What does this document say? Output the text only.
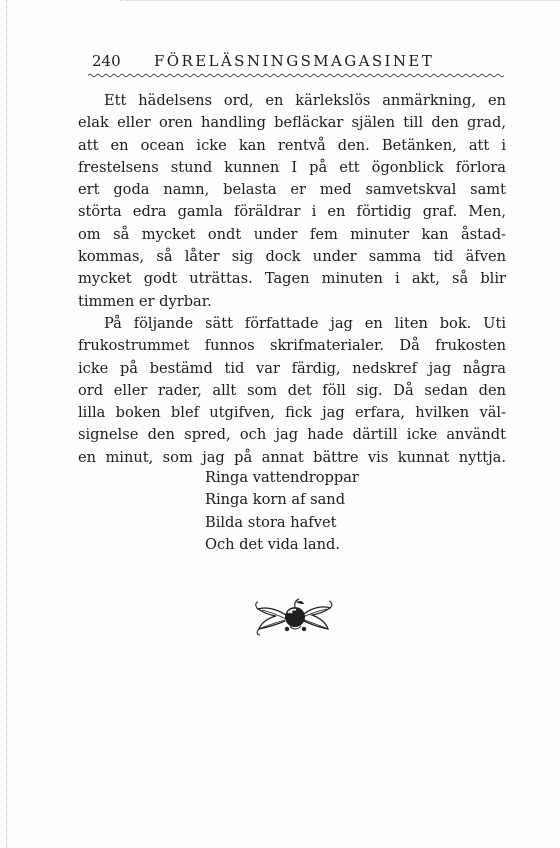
240	FÖRELÄSNINGSMAGASINET
Ett hädelsens ord, en kärlekslös anmärkning, en
elak eller oren handling befläckar själen till den grad,
att en ocean icke kan rentvå den. Betänken, att i
frestelsens stund kunnen I på ett ögonblick förlora
ert goda namn, belasta er med samvetskval samt
störta edra gamla föräldrar i en förtidig graf. Men,
om så mycket ondt under fem minuter kan åstad-
kommas, så låter sig dock under samma tid äfven
mycket godt uträttas. Tagen minuten i akt, så blir
timmen er dyrbar.
På följande sätt författade jag en liten bok. Uti
frukostrummet funnos skrifmaterialer. Då frukosten
icke på bestämd tid var färdig, nedskref jag några
ord eller rader, allt som det föll sig. Då sedan den
lilla boken blef utgifven, fick jag erfara, hvilken väl-
signelse den spred, och jag hade därtill icke användt
en minut, som jag på annat bättre vis kunnat nyttja.
Ringa vattendroppar
Ringa korn af sand
Bilda stora hafvet
Och det vida land.
